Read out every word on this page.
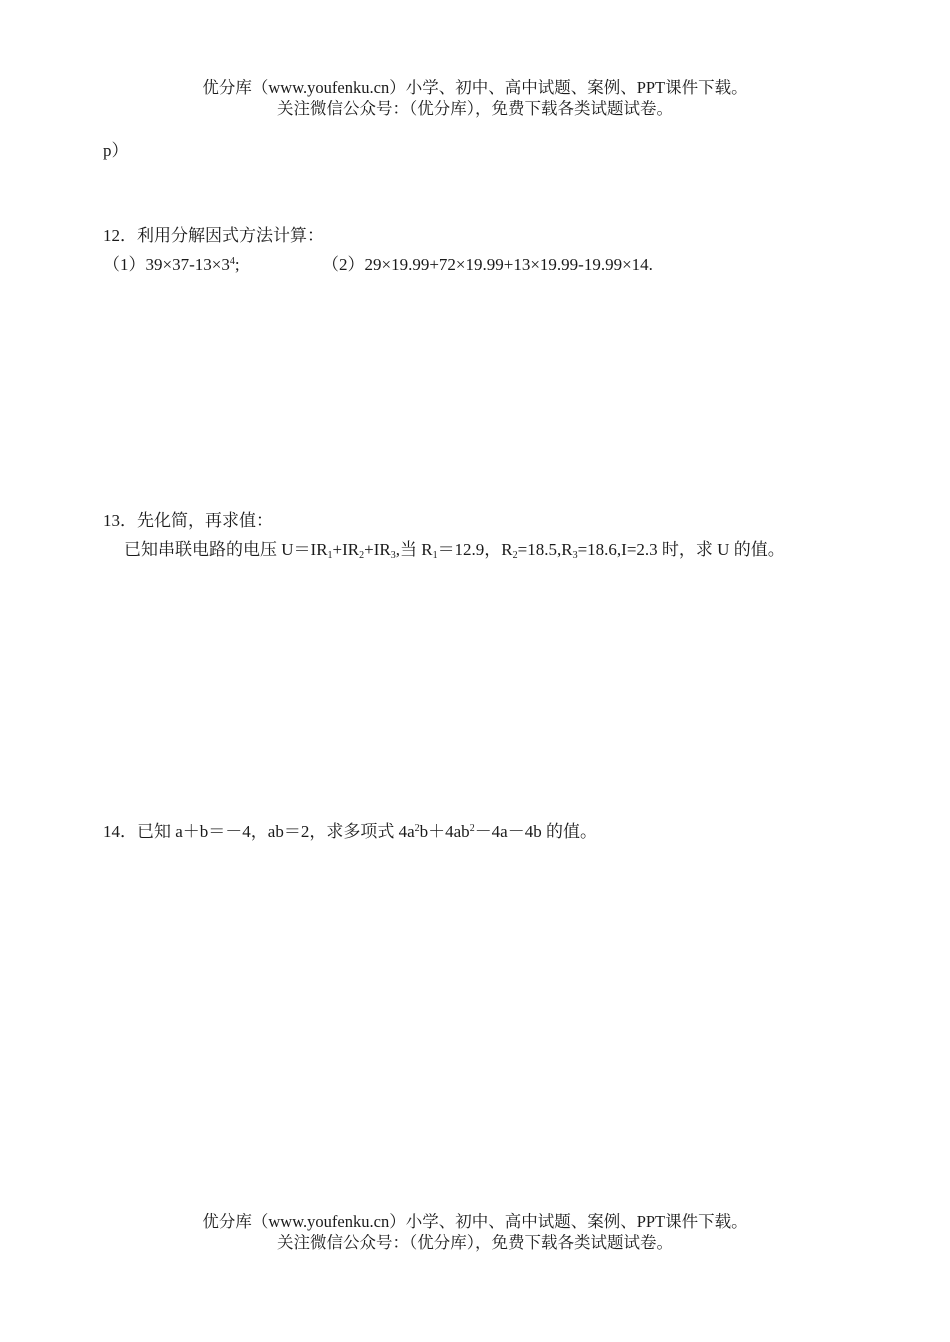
优分库（www.youfenku.cn）小学、初中、高中试题、案例、PPT课件下载。
关注微信公众号：（优分库），免费下载各类试题试卷。
p）
12．利用分解因式方法计算：
$(1)39\times 37-13\times 3^4$;	（2）29×19.99+72×19.99+13×19.99-19.99×14.
13．先化简，再求值：
已知串联电路的电压 $U=IR_1+IR_2+IR_3$,当 $R_1=12.9$，$R_2=18.5,R_3=18.6,I=2.3$ 时，求 U 的值。
14．已知 a＋b＝－4，ab＝2，求多项式 $4a^2b+4ab^2-4a-4b$ 的值。
优分库（www.youfenku.cn）小学、初中、高中试题、案例、PPT课件下载。
关注微信公众号：（优分库），免费下载各类试题试卷。
